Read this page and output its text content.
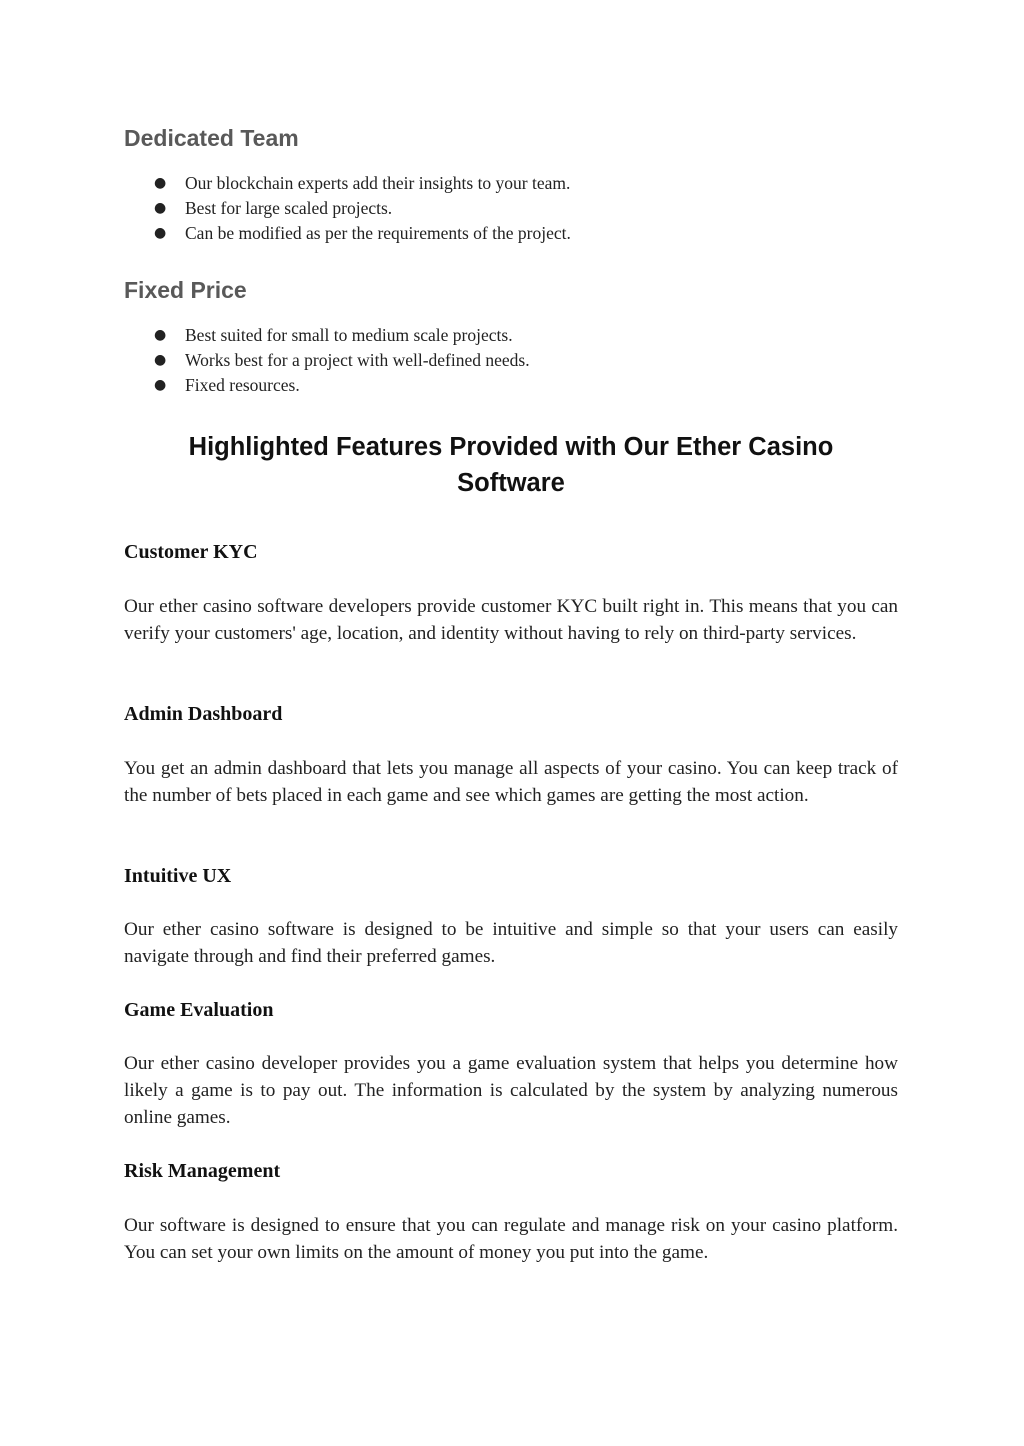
Dedicated Team
● Our blockchain experts add their insights to your team.
● Best for large scaled projects.
● Can be modified as per the requirements of the project.
Fixed Price
● Best suited for small to medium scale projects.
● Works best for a project with well-defined needs.
● Fixed resources.
Highlighted Features Provided with Our Ether Casino
Software
Customer KYC

Our ether casino software developers provide customer KYC built right in. This means that you can verify your customers' age, location, and identity without having to rely on third-party services.

Admin Dashboard

You get an admin dashboard that lets you manage all aspects of your casino. You can keep track of the number of bets placed in each game and see which games are getting the most action.

Intuitive UX

Our ether casino software is designed to be intuitive and simple so that your users can easily navigate through and find their preferred games.

Game Evaluation

Our ether casino developer provides you a game evaluation system that helps you determine how likely a game is to pay out. The information is calculated by the system by analyzing numerous online games.

Risk Management

Our software is designed to ensure that you can regulate and manage risk on your casino platform. You can set your own limits on the amount of money you put into the game.
